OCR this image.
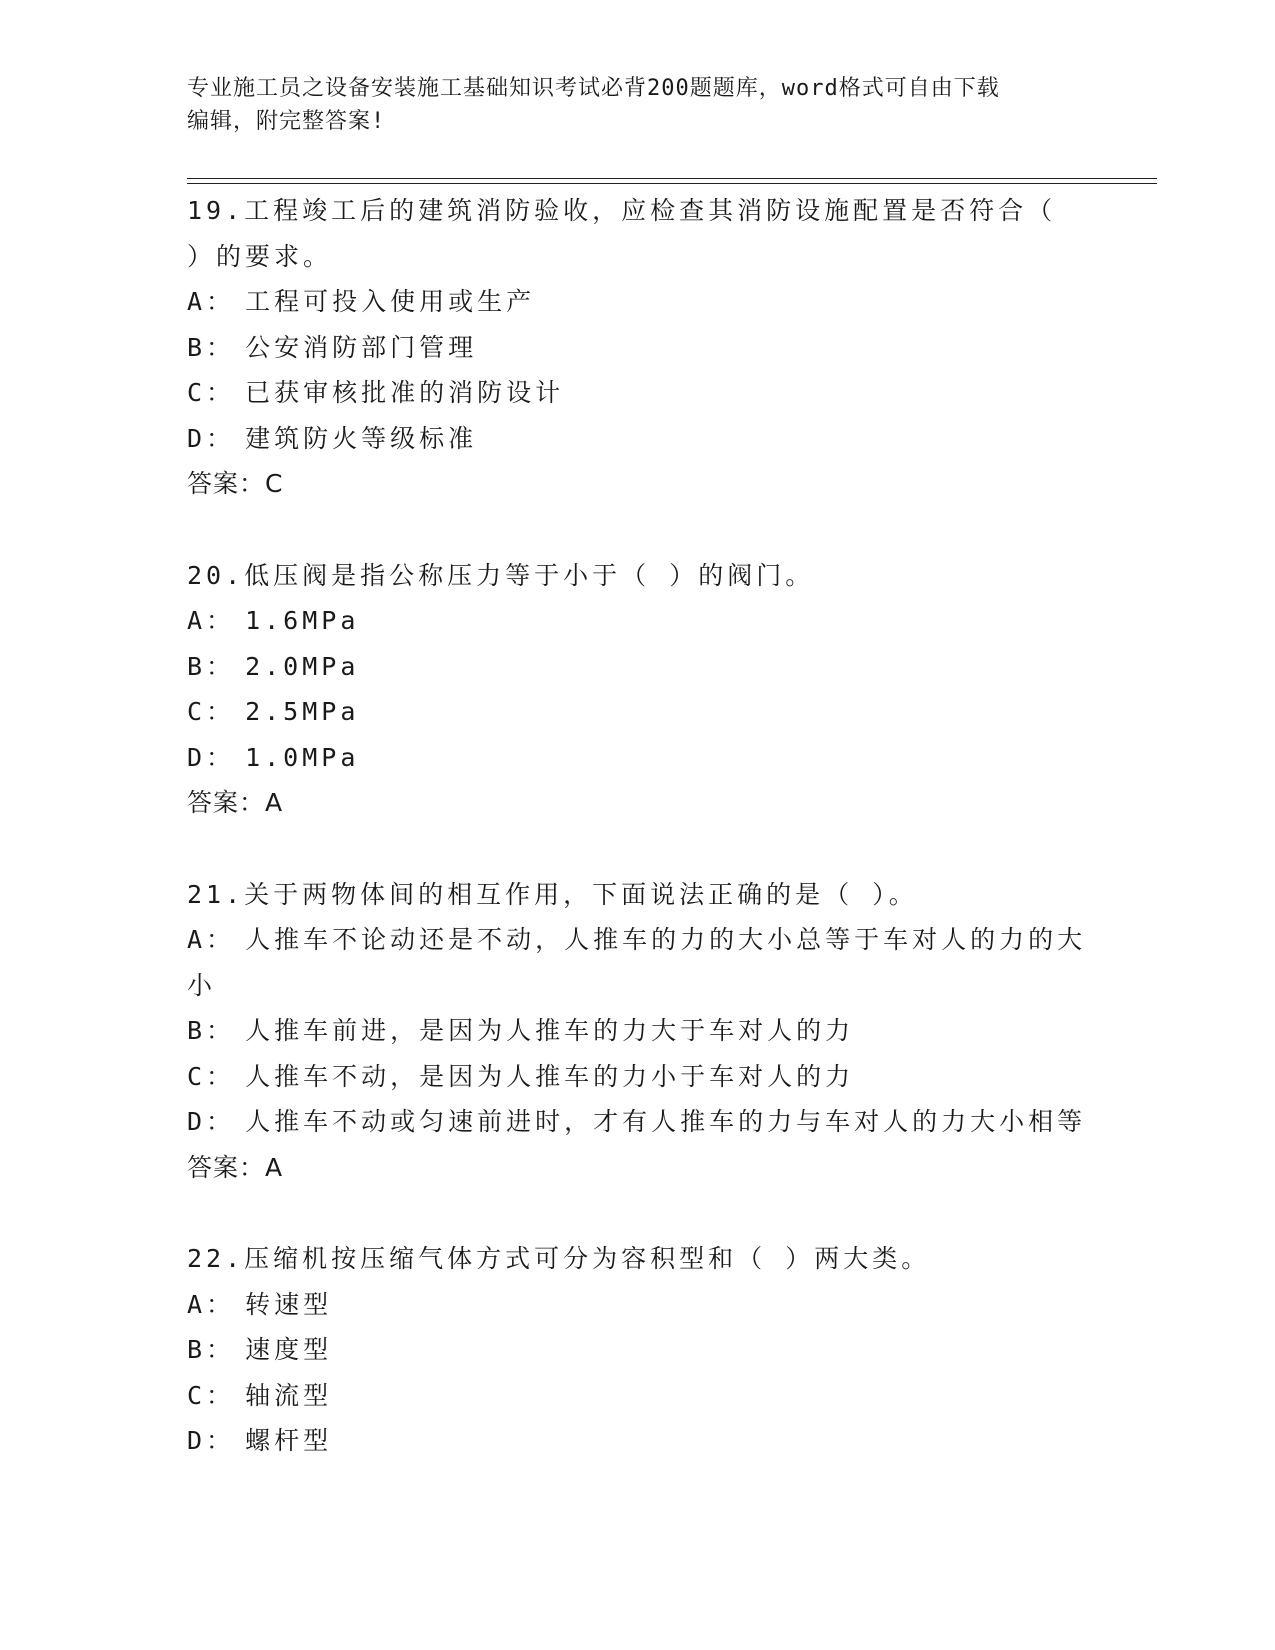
专业施工员之设备安装施工基础知识考试必背200题题库，word格式可自由下载
编辑，附完整答案!
19.工程竣工后的建筑消防验收，应检查其消防设施配置是否符合（
）的要求。
A： 工程可投入使用或生产
B： 公安消防部门管理
C： 已获审核批准的消防设计
D： 建筑防火等级标准
答案：C
20.低压阀是指公称压力等于小于（ ）的阀门。
A： 1.6MPa
B： 2.0MPa
C： 2.5MPa
D： 1.0MPa
答案：A
21.关于两物体间的相互作用，下面说法正确的是（ ）。
A： 人推车不论动还是不动，人推车的力的大小总等于车对人的力的大
小
B： 人推车前进，是因为人推车的力大于车对人的力
C： 人推车不动，是因为人推车的力小于车对人的力
D： 人推车不动或匀速前进时，才有人推车的力与车对人的力大小相等
答案：A
22.压缩机按压缩气体方式可分为容积型和（ ）两大类。
A： 转速型
B： 速度型
C： 轴流型
D： 螺杆型
